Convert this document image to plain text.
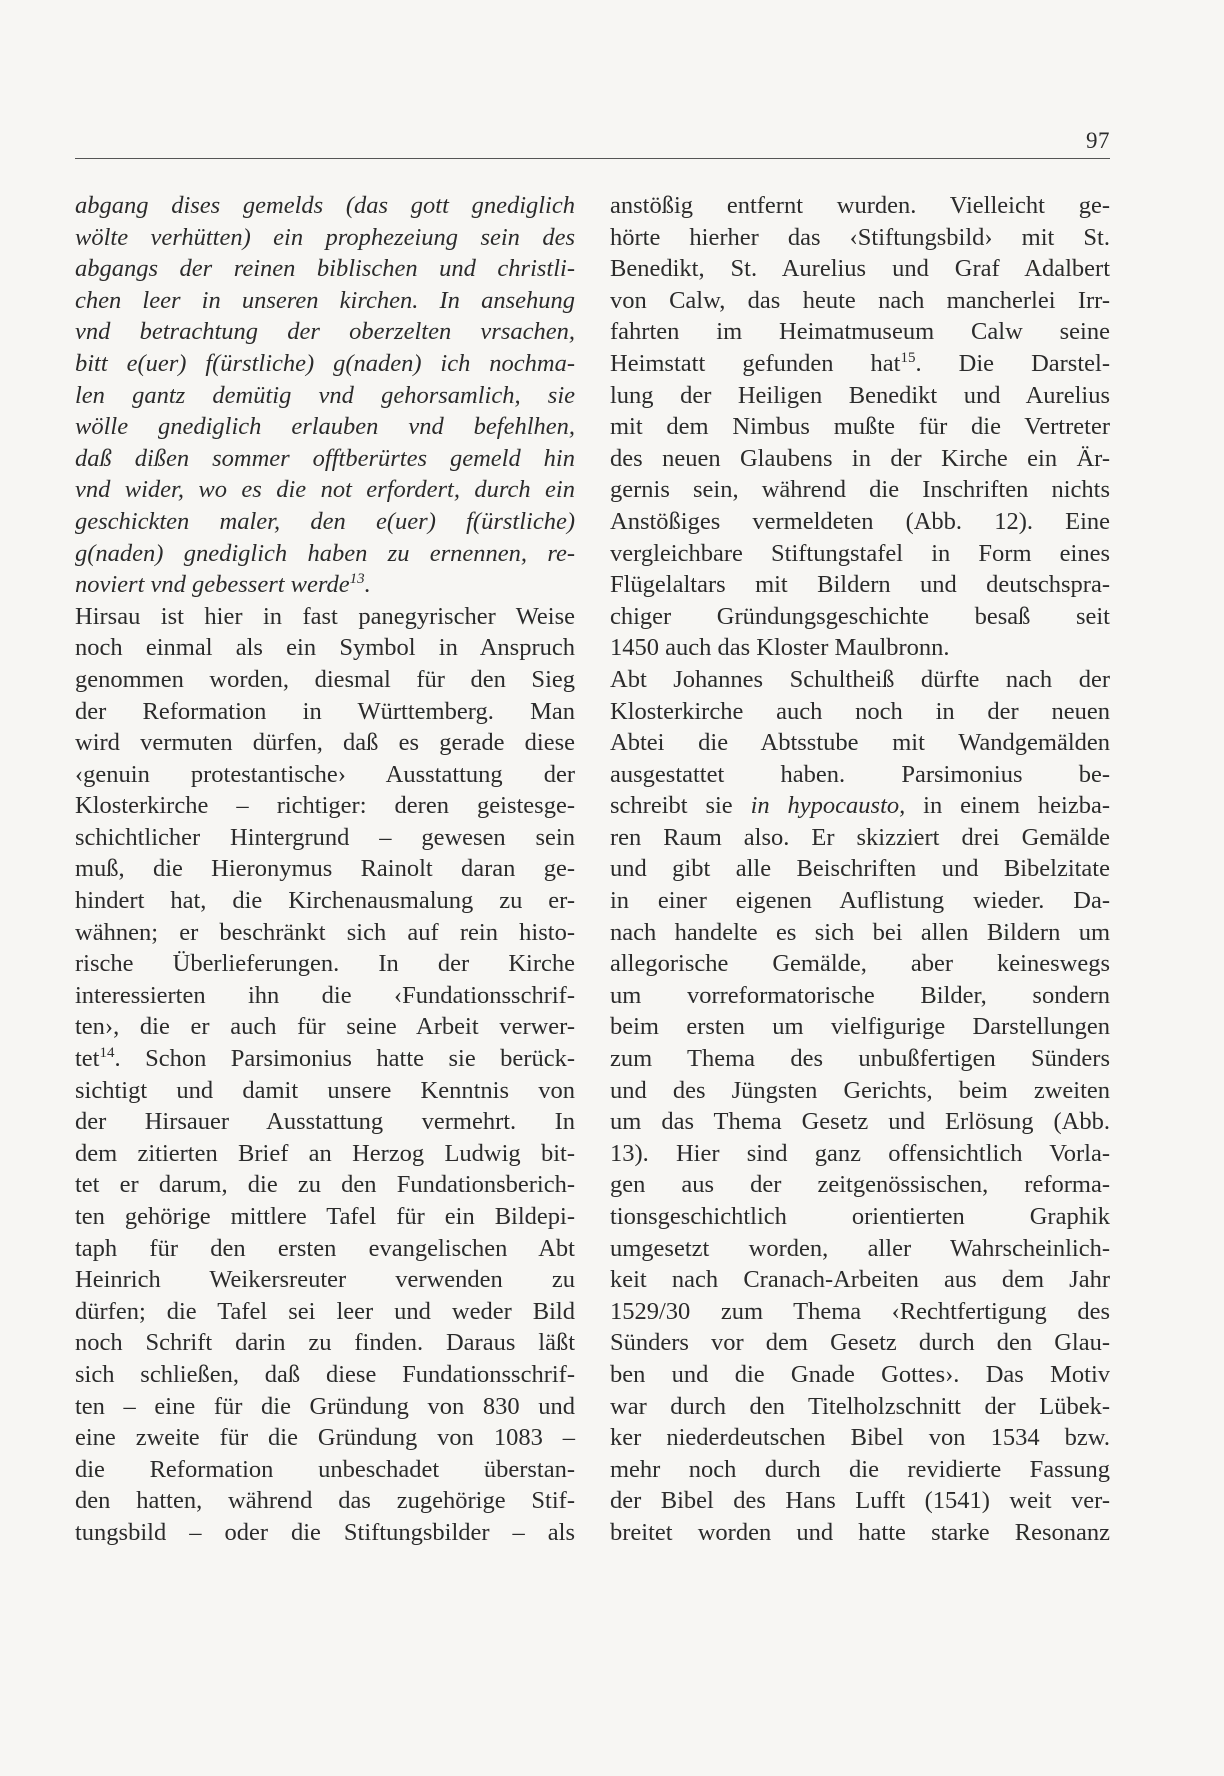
97
abgang dises gemelds (das gott gnediglich
wölte verhütten) ein prophezeiung sein des
abgangs der reinen biblischen und christli-
chen leer in unseren kirchen. In ansehung
vnd betrachtung der oberzelten vrsachen,
bitt e(uer) f(ürstliche) g(naden) ich nochma-
len gantz demütig vnd gehorsamlich, sie
wölle gnediglich erlauben vnd befehlhen,
daß dißen sommer offtberürtes gemeld hin
vnd wider, wo es die not erfordert, durch ein
geschickten maler, den e(uer) f(ürstliche)
g(naden) gnediglich haben zu ernennen, re-
noviert vnd gebessert werde$^{13}$.
Hirsau ist hier in fast panegyrischer Weise
noch einmal als ein Symbol in Anspruch
genommen worden, diesmal für den Sieg
der Reformation in Württemberg. Man
wird vermuten dürfen, daß es gerade diese
‹genuin protestantische› Ausstattung der
Klosterkirche – richtiger: deren geistesge-
schichtlicher Hintergrund – gewesen sein
muß, die Hieronymus Rainolt daran ge-
hindert hat, die Kirchenausmalung zu er-
wähnen; er beschränkt sich auf rein histo-
rische Überlieferungen. In der Kirche
interessierten ihn die ‹Fundationsschrif-
ten›, die er auch für seine Arbeit verwer-
tet$^{14}$. Schon Parsimonius hatte sie berück-
sichtigt und damit unsere Kenntnis von
der Hirsauer Ausstattung vermehrt. In
dem zitierten Brief an Herzog Ludwig bit-
tet er darum, die zu den Fundationsberich-
ten gehörige mittlere Tafel für ein Bildepi-
taph für den ersten evangelischen Abt
Heinrich Weikersreuter verwenden zu
dürfen; die Tafel sei leer und weder Bild
noch Schrift darin zu finden. Daraus läßt
sich schließen, daß diese Fundationsschrif-
ten – eine für die Gründung von 830 und
eine zweite für die Gründung von 1083 –
die Reformation unbeschadet überstan-
den hatten, während das zugehörige Stif-
tungsbild – oder die Stiftungsbilder – als
anstößig entfernt wurden. Vielleicht ge-
hörte hierher das ‹Stiftungsbild› mit St.
Benedikt, St. Aurelius und Graf Adalbert
von Calw, das heute nach mancherlei Irr-
fahrten im Heimatmuseum Calw seine
Heimstatt gefunden hat$^{15}$. Die Darstel-
lung der Heiligen Benedikt und Aurelius
mit dem Nimbus mußte für die Vertreter
des neuen Glaubens in der Kirche ein Är-
gernis sein, während die Inschriften nichts
Anstößiges vermeldeten (Abb. 12). Eine
vergleichbare Stiftungstafel in Form eines
Flügelaltars mit Bildern und deutschspra-
chiger Gründungsgeschichte besaß seit
1450 auch das Kloster Maulbronn.
Abt Johannes Schultheiß dürfte nach der
Klosterkirche auch noch in der neuen
Abtei die Abtsstube mit Wandgemälden
ausgestattet haben. Parsimonius be-
schreibt sie in hypocausto, in einem heizba-
ren Raum also. Er skizziert drei Gemälde
und gibt alle Beischriften und Bibelzitate
in einer eigenen Auflistung wieder. Da-
nach handelte es sich bei allen Bildern um
allegorische Gemälde, aber keineswegs
um vorreformatorische Bilder, sondern
beim ersten um vielfigurige Darstellungen
zum Thema des unbußfertigen Sünders
und des Jüngsten Gerichts, beim zweiten
um das Thema Gesetz und Erlösung (Abb.
13). Hier sind ganz offensichtlich Vorla-
gen aus der zeitgenössischen, reforma-
tionsgeschichtlich orientierten Graphik
umgesetzt worden, aller Wahrscheinlich-
keit nach Cranach-Arbeiten aus dem Jahr
1529/30 zum Thema ‹Rechtfertigung des
Sünders vor dem Gesetz durch den Glau-
ben und die Gnade Gottes›. Das Motiv
war durch den Titelholzschnitt der Lübek-
ker niederdeutschen Bibel von 1534 bzw.
mehr noch durch die revidierte Fassung
der Bibel des Hans Lufft (1541) weit ver-
breitet worden und hatte starke Resonanz
